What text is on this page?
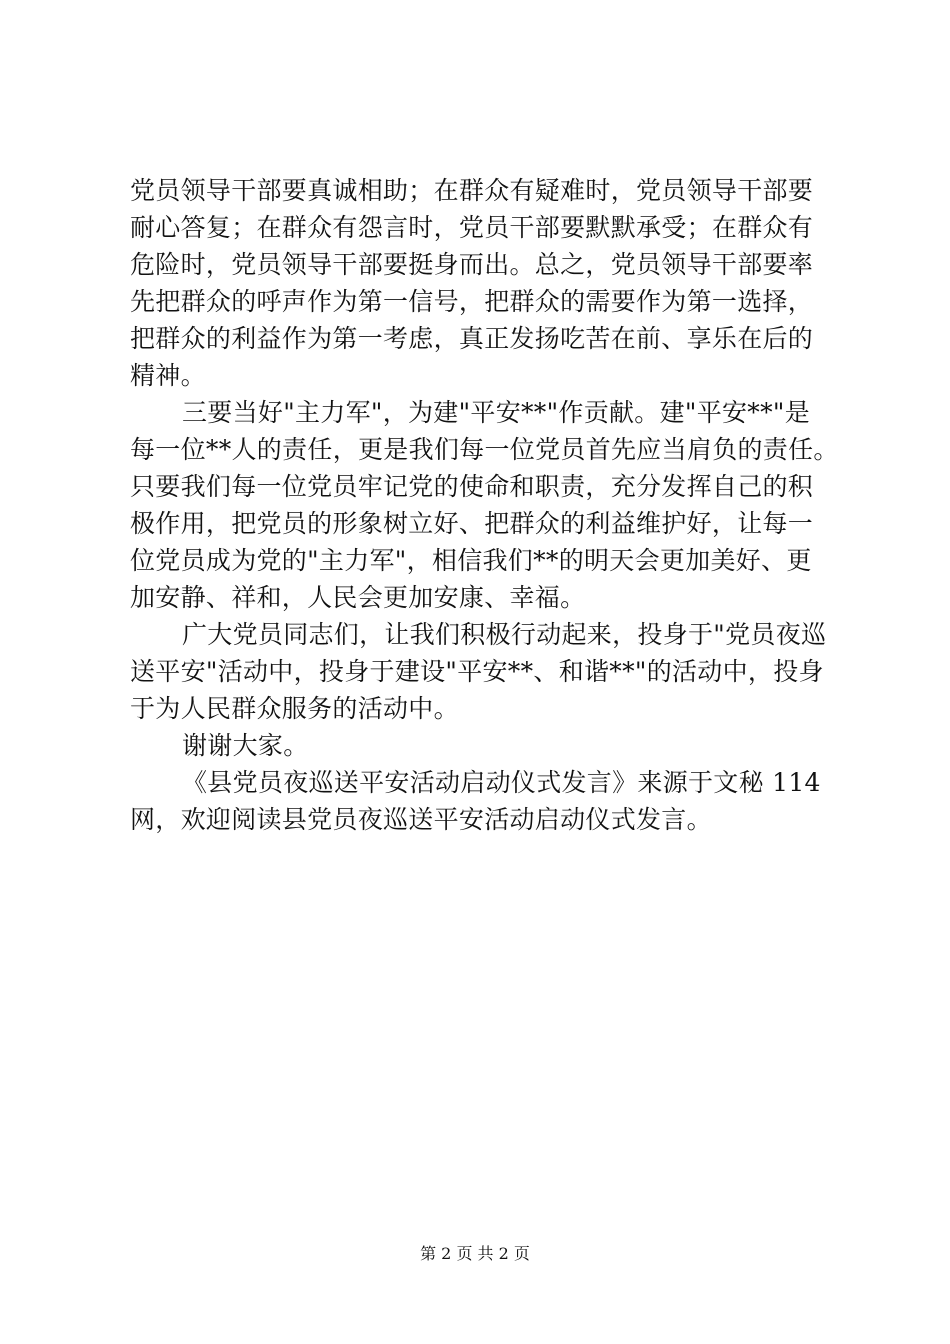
党员领导干部要真诚相助；在群众有疑难时，党员领导干部要
耐心答复；在群众有怨言时，党员干部要默默承受；在群众有
危险时，党员领导干部要挺身而出。总之，党员领导干部要率
先把群众的呼声作为第一信号，把群众的需要作为第一选择，
把群众的利益作为第一考虑，真正发扬吃苦在前、享乐在后的
精神。
三要当好"主力军"，为建"平安**"作贡献。建"平安**"是
每一位**人的责任，更是我们每一位党员首先应当肩负的责任。
只要我们每一位党员牢记党的使命和职责，充分发挥自己的积
极作用，把党员的形象树立好、把群众的利益维护好，让每一
位党员成为党的"主力军"，相信我们**的明天会更加美好、更
加安静、祥和，人民会更加安康、幸福。
广大党员同志们，让我们积极行动起来，投身于"党员夜巡
送平安"活动中，投身于建设"平安**、和谐**"的活动中，投身
于为人民群众服务的活动中。
谢谢大家。
《县党员夜巡送平安活动启动仪式发言》来源于文秘 114
网，欢迎阅读县党员夜巡送平安活动启动仪式发言。
第 2 页 共 2 页
